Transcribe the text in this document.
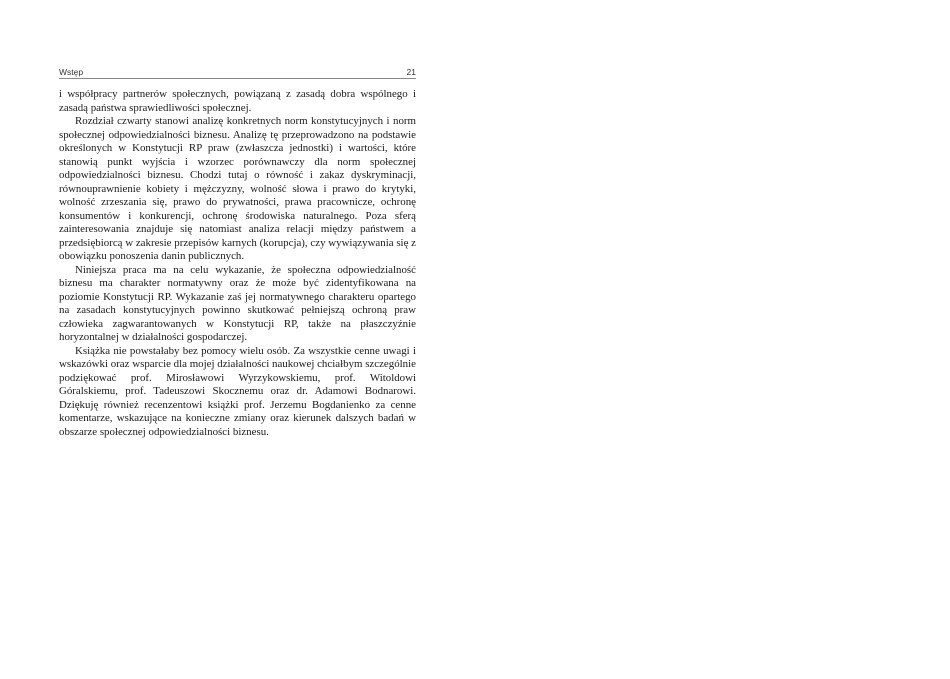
Wstęp	21

i współpracy partnerów społecznych, powiązaną z zasadą dobra wspólnego i zasadą państwa sprawiedliwości społecznej.

Rozdział czwarty stanowi analizę konkretnych norm konstytucyjnych i norm społecznej odpowiedzialności biznesu. Analizę tę przeprowadzono na podstawie określonych w Konstytucji RP praw (zwłaszcza jednostki) i wartości, które stanowią punkt wyjścia i wzorzec porównawczy dla norm społecznej odpowiedzialności biznesu. Chodzi tutaj o równość i zakaz dyskryminacji, równouprawnienie kobiety i mężczyzny, wolność słowa i prawo do krytyki, wolność zrzeszania się, prawo do prywatności, prawa pracownicze, ochronę konsumentów i konkurencji, ochronę środowiska naturalnego. Poza sferą zainteresowania znajduje się natomiast analiza relacji między państwem a przedsiębiorcą w zakresie przepisów karnych (korupcja), czy wywiązywania się z obowiązku ponoszenia danin publicznych.

Niniejsza praca ma na celu wykazanie, że społeczna odpowiedzialność biznesu ma charakter normatywny oraz że może być zidentyfikowana na poziomie Konstytucji RP. Wykazanie zaś jej normatywnego charakteru opartego na zasadach konstytucyjnych powinno skutkować pełniejszą ochroną praw człowieka zagwarantowanych w Konstytucji RP, także na płaszczyźnie horyzontalnej w działalności gospodarczej.

Książka nie powstałaby bez pomocy wielu osób. Za wszystkie cenne uwagi i wskazówki oraz wsparcie dla mojej działalności naukowej chciałbym szczególnie podziękować prof. Mirosławowi Wyrzykowskiemu, prof. Witoldowi Góralskiemu, prof. Tadeuszowi Skocznemu oraz dr. Adamowi Bodnarowi. Dziękuję również recenzentowi książki prof. Jerzemu Bogdanienko za cenne komentarze, wskazujące na konieczne zmiany oraz kierunek dalszych badań w obszarze społecznej odpowiedzialności biznesu.
